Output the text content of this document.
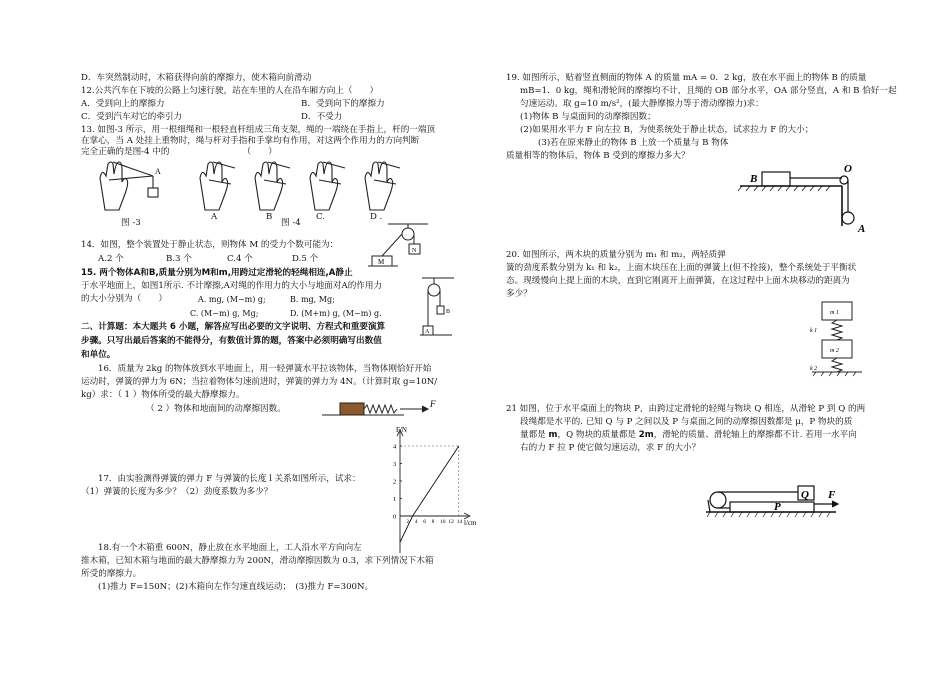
D．车突然制动时，木箱获得向前的摩擦力，使木箱向前滑动
12.公共汽车在下坡的公路上匀速行驶，站在车里的人在沿车厢方向上（　　）
A．受到向上的摩擦力	B．受到向下的摩擦力
C．受到汽车对它的牵引力	D．不受力
13. 如图-3 所示，用一根细绳和一根轻直杆组成三角支架，绳的一端绕在手指上，杆的一端顶
在掌心，当 A 处挂上重物时，绳与杆对手指和手掌均有作用，对这两个作用力的方向判断
完全正确的是图-4 中的　　　　　　　　　（　　）
A
图 -3
A	B
图 -4
C.	D .
14．如图，整个装置处于静止状态，则物体 M 的受力个数可能为：
A.2 个	B.3 个	C.4 个	D.5 个	M
N
15. 两个物体A和B,质量分别为M和m,用跨过定滑轮的轻绳相连,A静止
于水平地面上，如图1所示. 不计摩擦,A对绳的作用力的大小与地面对A的作用力
的大小分别为（　　）	A. mg, (M−m) g;	B. mg, Mg;
C. (M−m) g, Mg;	D. (M+m) g, (M−m) g.	B
A
二、计算题：本大题共 6 小题，解答应写出必要的文字说明、方程式和重要演算
步骤。只写出最后答案的不能得分，有数值计算的题，答案中必须明确写出数值
和单位。
16．质量为 2kg 的物体放到水平地面上，用一轻弹簧水平拉该物体，当物体刚恰好开始
运动时，弹簧的弹力为 6N；当拉着物体匀速前进时，弹簧的弹力为 4N。（计算时取 g=10N/
kg）求：（ 1 ）物体所受的最大静摩擦力。
（ 2 ）物体和地面间的动摩擦因数。	F
0
1
2
3
4
2 4 6 8 10 12 14
F/N
l/cm
17．由实验测得弹簧的弹力 F 与弹簧的长度 l 关系如图所示，试求：
（1）弹簧的长度为多少？（2）劲度系数为多少？
18.有一个木箱重 600N，静止放在水平地面上，工人沿水平方向向左
推木箱，已知木箱与地面的最大静摩擦力为 200N，滑动摩擦因数为 0.3，求下列情况下木箱
所受的摩擦力。
(1)推力 F=150N；(2)木箱向左作匀速直线运动；　(3)推力 F=300N。
19. 如图所示，贴着竖直侧面的物体 A 的质量 mA = 0．2 kg，放在水平面上的物体 B 的质量
mB=1．0 kg，绳和滑轮间的摩擦均不计，且绳的 OB 部分水平，OA 部分竖直，A 和 B 恰好一起
匀速运动。取 g=10 m/s²，(最大静摩擦力等于滑动摩擦力)求：
(1)物体 B 与桌面间的动摩擦因数；
(2)如果用水平力 F 向左拉 B，为使系统处于静止状态，试求拉力 F 的大小；
(3)若在原来静止的物体 B 上放一个质量与 B 物体
质量相等的物体后，物体 B 受到的摩擦力多大？
B
O
A
20. 如图所示，两木块的质量分别为 m₁ 和 m₂，两轻质弹
簧的劲度系数分别为 k₁ 和 k₂，上面木块压在上面的弹簧上(但不拴接)，整个系统处于平衡状
态。现缓慢向上提上面的木块，直到它刚离开上面弹簧，在这过程中上面木块移动的距离为
多少？
m 1
m 2
k 1
k 2
21 如图，位于水平桌面上的物块 P，由跨过定滑轮的轻绳与物块 Q 相连，从滑轮 P 到 Q 的两
段绳都是水平的. 已知 Q 与 P 之间以及 P 与桌面之间的动摩擦因数都是 μ，P 物块的质
量都是 m，Q 物块的质量都是 2m，滑轮的质量、滑轮轴上的摩擦都不计. 若用一水平向
右的力 F 拉 P 使它做匀速运动，求 F 的大小？
Q
P
F
